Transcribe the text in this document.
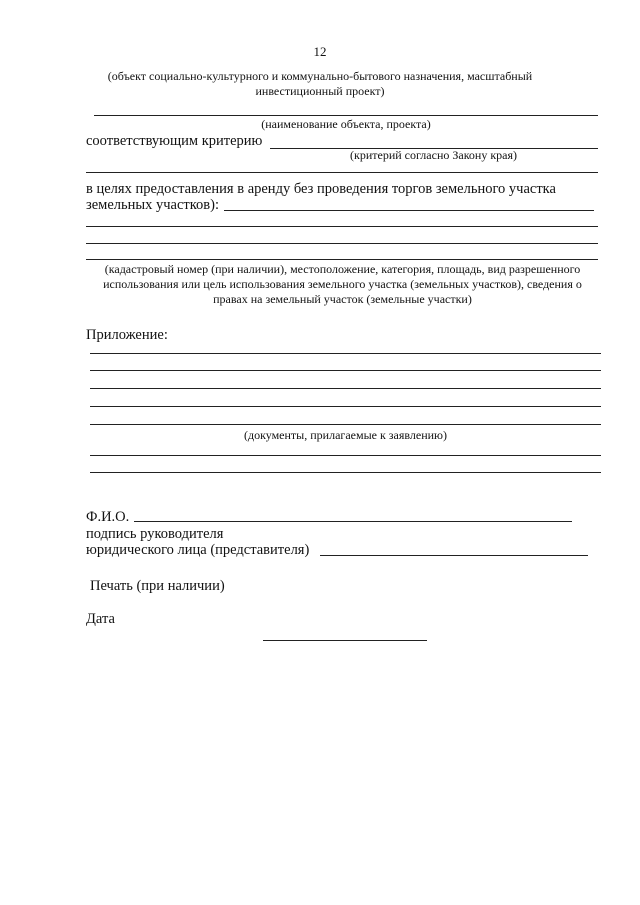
12
(объект социально-культурного и коммунально-бытового назначения, масштабный
инвестиционный проект)
(наименование объекта, проекта)
соответствующим критерию
(критерий согласно Закону края)
в целях предоставления в аренду без проведения торгов земельного участка
земельных участков):
(кадастровый номер (при наличии), местоположение, категория, площадь, вид разрешенного
использования или цель использования земельного участка (земельных участков), сведения о
правах на земельный участок (земельные участки)
Приложение:
(документы, прилагаемые к заявлению)
Ф.И.О.
подпись руководителя
юридического лица (представителя)
Печать (при наличии)
Дата
